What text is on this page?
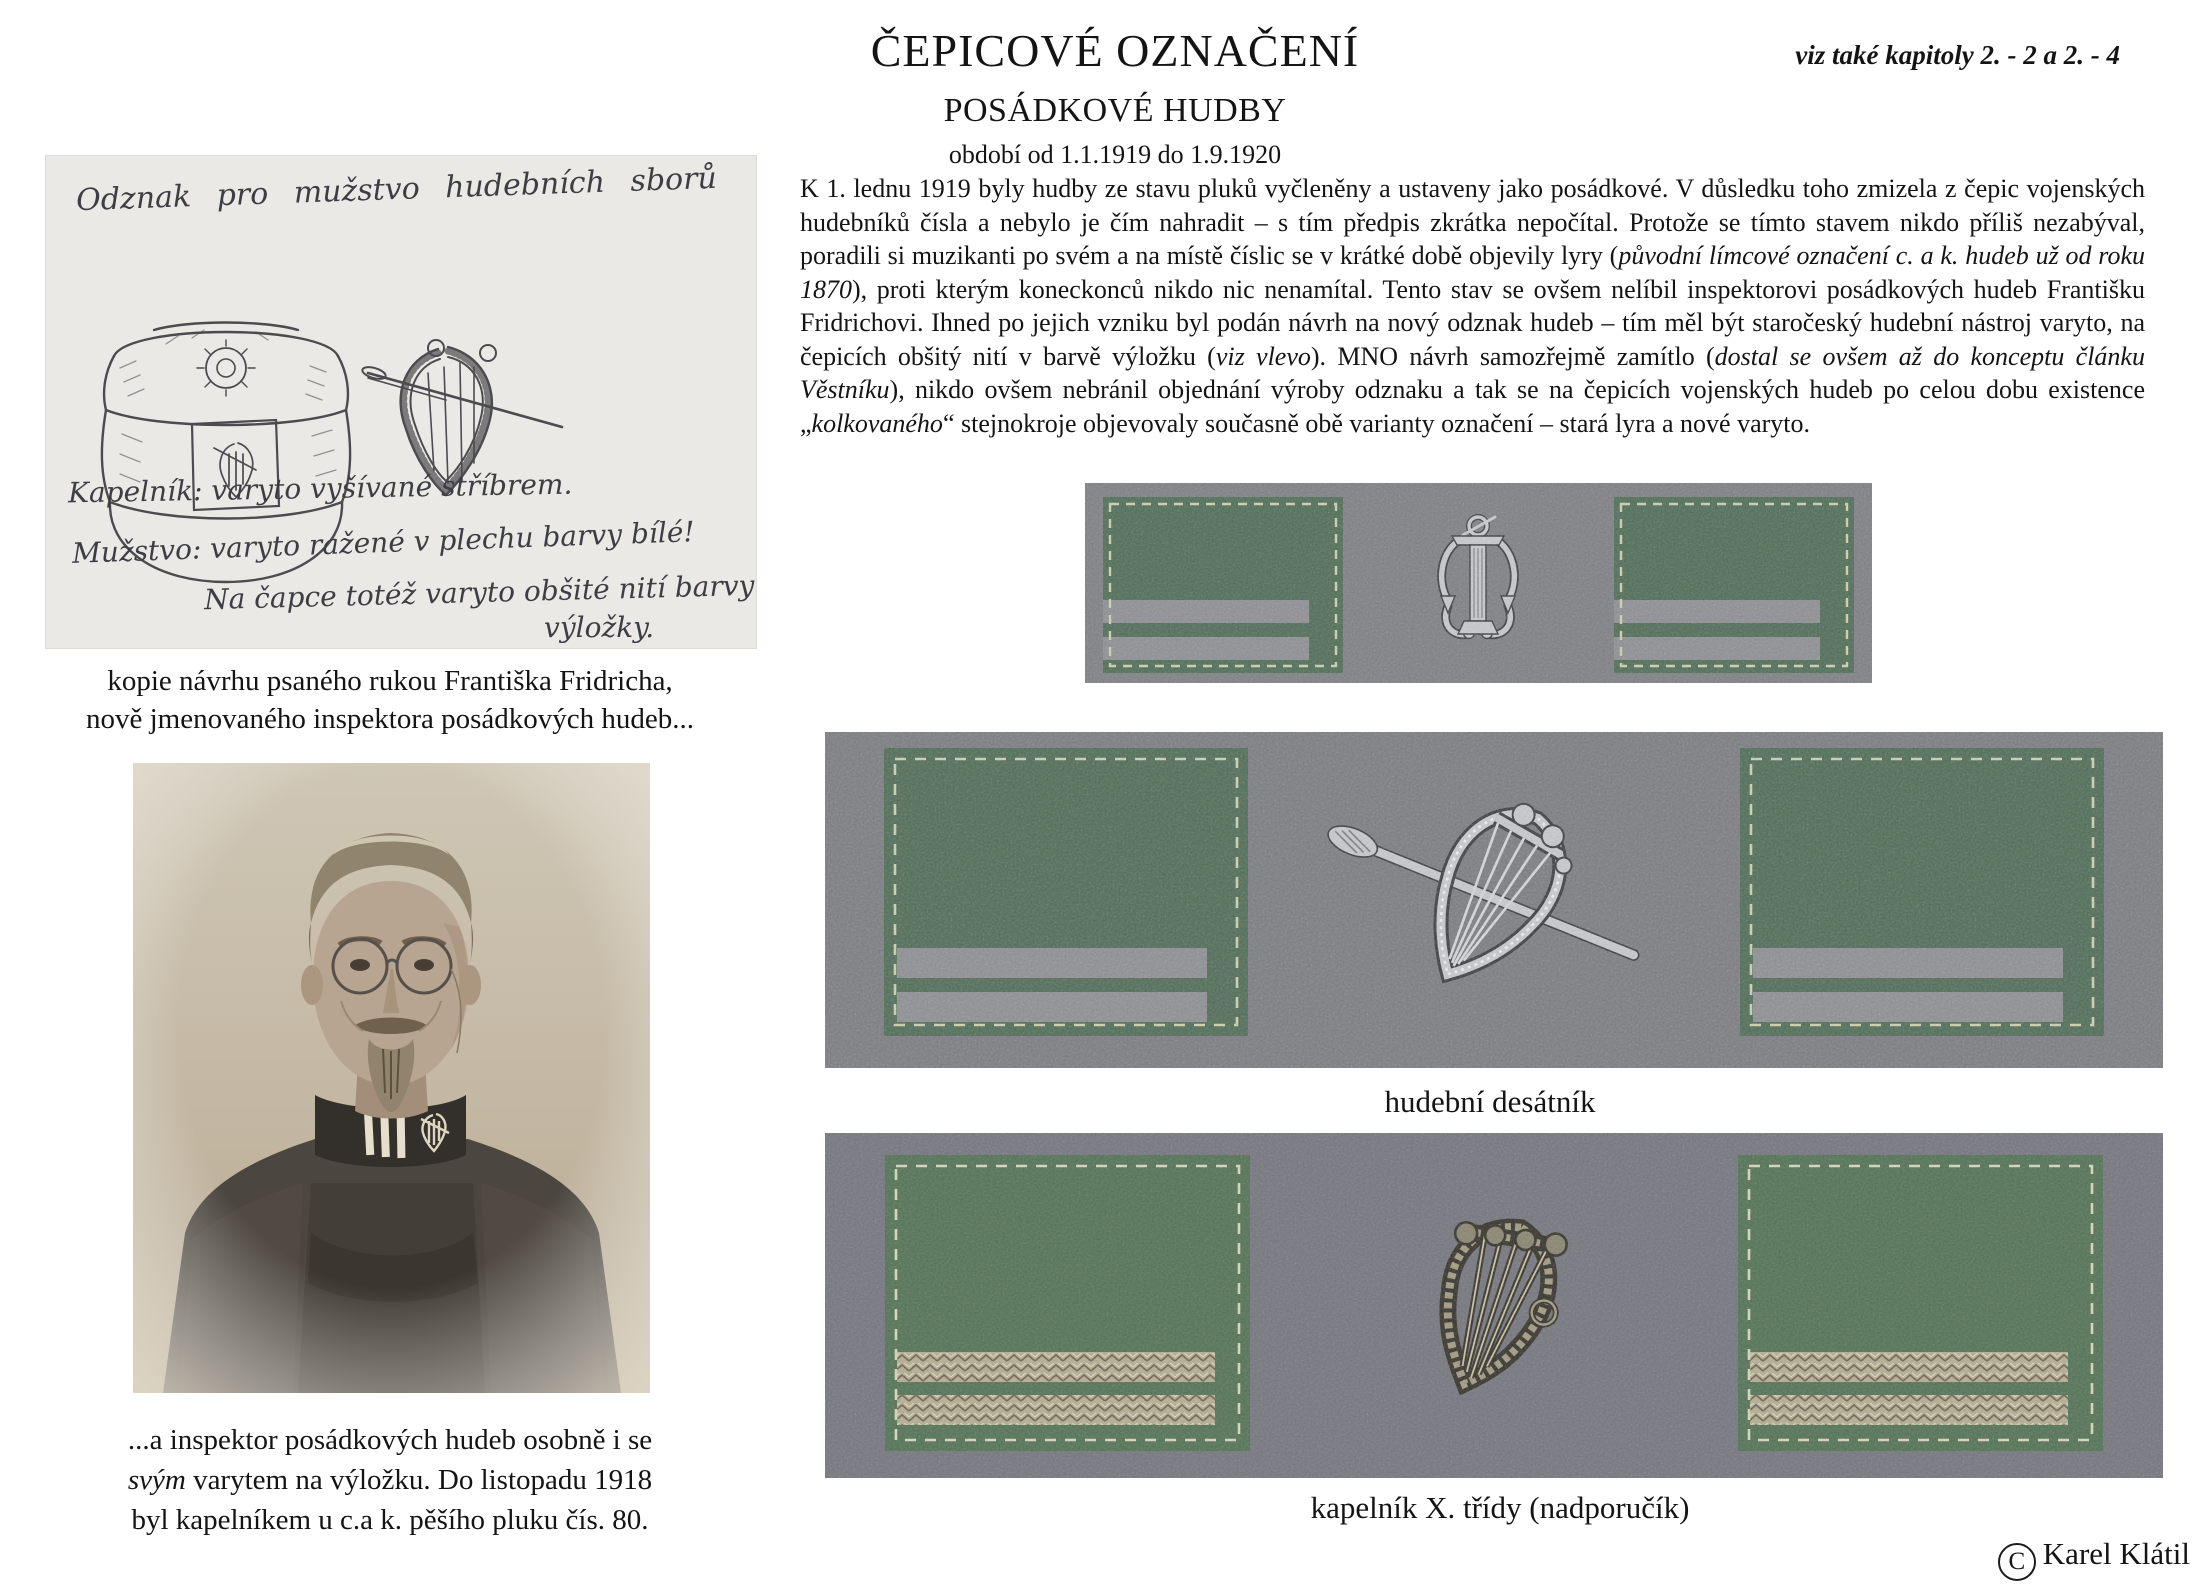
ČEPICOVÉ OZNAČENÍ	viz také kapitoly 2. - 2 a 2. - 4
POSÁDKOVÉ HUDBY
období od 1.1.1919 do 1.9.1920

K 1. lednu 1919 byly hudby ze stavu pluků vyčleněny a ustaveny jako posádkové. V důsledku toho zmizela z čepic vojenských hudebníků čísla a nebylo je čím nahradit – s tím předpis zkrátka nepočítal. Protože se tímto stavem nikdo příliš nezabýval, poradili si muzikanti po svém a na místě číslic se v krátké době objevily lyry (původní límcové označení c. a k. hudeb už od roku 1870), proti kterým koneckonců nikdo nic nenamítal. Tento stav se ovšem nelíbil inspektorovi posádkových hudeb Františku Fridrichovi. Ihned po jejich vzniku byl podán návrh na nový odznak hudeb – tím měl být staročeský hudební nástroj varyto, na čepicích obšitý nití v barvě výložku (viz vlevo). MNO návrh samozřejmě zamítlo (dostal se ovšem až do konceptu článku Věstníku), nikdo ovšem nebránil objednání výroby odznaku a tak se na čepicích vojenských hudeb po celou dobu existence „kolkovaného“ stejnokroje objevovaly současně obě varianty označení – stará lyra a nové varyto.

Odznak pro mužstvo hudebních sborů
Kapelník: varyto vyšívané stříbrem.
Mužstvo: varyto ražené v plechu barvy bílé!
Na čapce totéž varyto obšité nití barvy
výložky.
kopie návrhu psaného rukou Františka Fridricha,
nově jmenovaného inspektora posádkových hudeb...
...a inspektor posádkových hudeb osobně i se
svým varytem na výložku. Do listopadu 1918
byl kapelníkem u c.a k. pěšího pluku čís. 80.
hudební desátník
kapelník X. třídy (nadporučík)
C Karel Klátil
